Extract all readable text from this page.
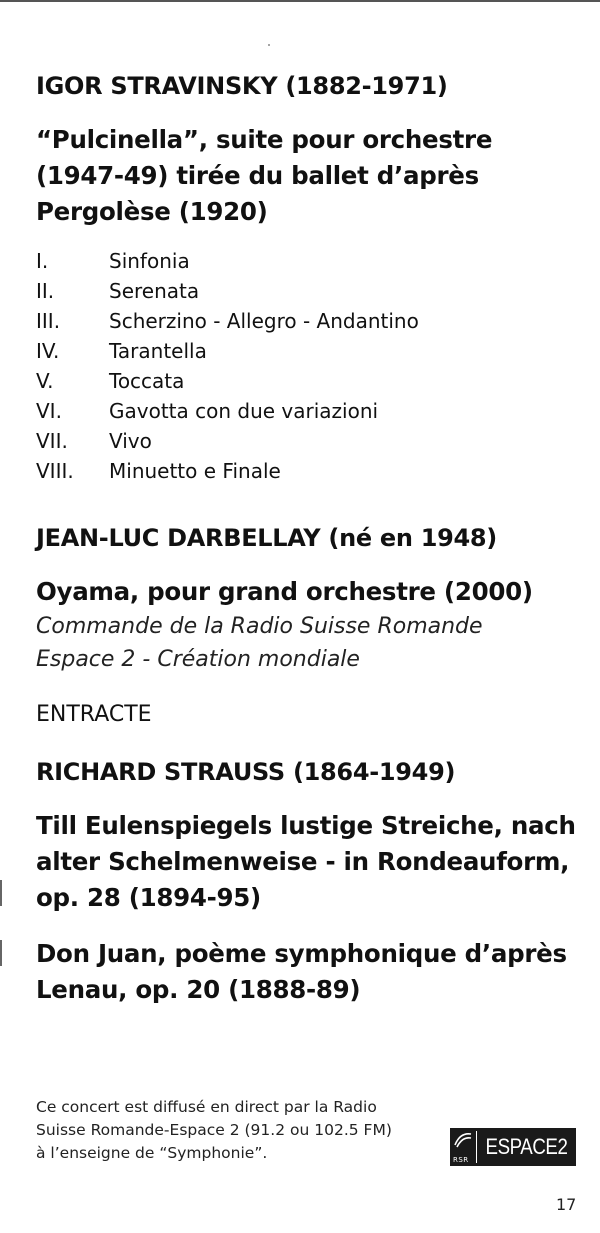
IGOR STRAVINSKY (1882-1971)

“Pulcinella”, suite pour orchestre

(1947-49) tirée du ballet d’après

Pergolèse (1920)

I.	Sinfonia
II.	Serenata
III.	Scherzino - Allegro - Andantino
IV.	Tarantella
V.	Toccata
VI.	Gavotta con due variazioni
VII.	Vivo
VIII.	Minuetto e Finale
JEAN-LUC DARBELLAY (né en 1948)

Oyama, pour grand orchestre (2000)

Commande de la Radio Suisse Romande

Espace 2 - Création mondiale

ENTRACTE

RICHARD STRAUSS (1864-1949)

Till Eulenspiegels lustige Streiche, nach

alter Schelmenweise - in Rondeauform,

op. 28 (1894-95)

Don Juan, poème symphonique d’après

Lenau, op. 20 (1888-89)

Ce concert est diffusé en direct par la Radio
Suisse Romande-Espace 2 (91.2 ou 102.5 FM)
à l’enseigne de “Symphonie”.	RSR
ESPACE2
17
